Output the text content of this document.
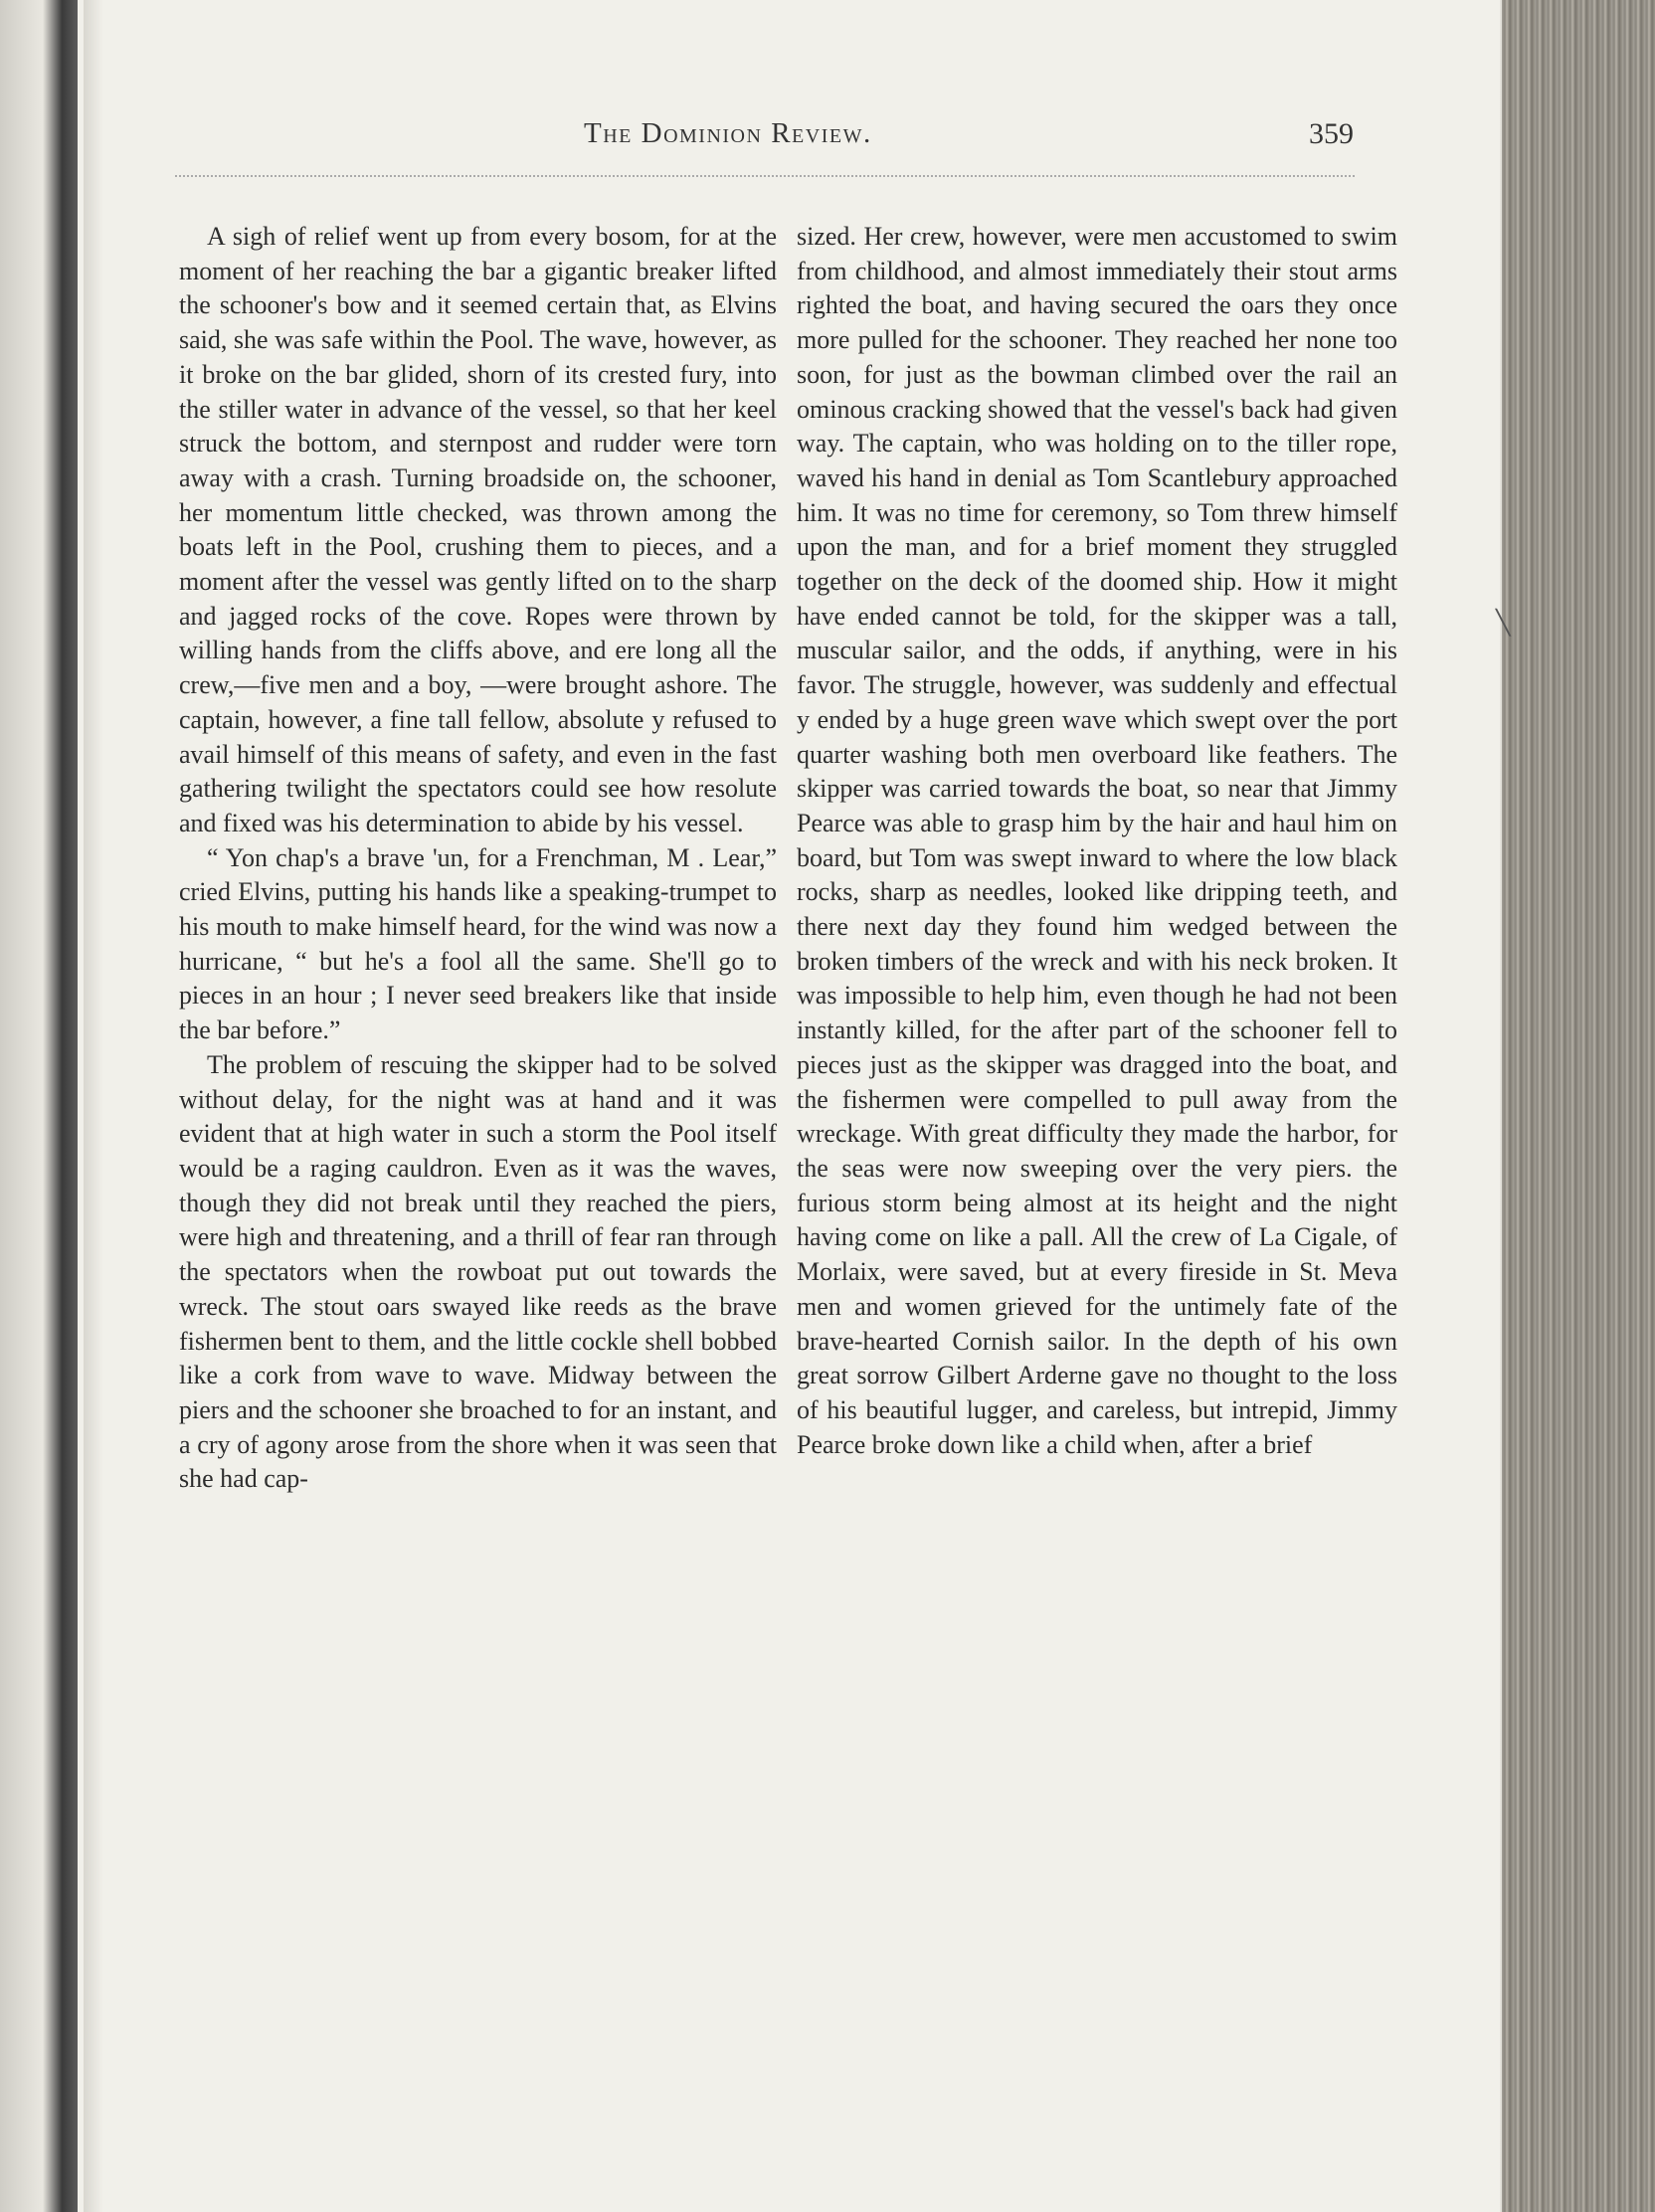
The Dominion Review.	359

A sigh of relief went up from every bosom, for at the moment of her reaching the bar a gigantic breaker lifted the schooner's bow and it seemed certain that, as Elvins said, she was safe within the Pool. The wave, however, as it broke on the bar glided, shorn of its crested fury, into the stiller water in advance of the vessel, so that her keel struck the bottom, and sternpost and rudder were torn away with a crash. Turning broadside on, the schooner, her momentum little checked, was thrown among the boats left in the Pool, crushing them to pieces, and a moment after the vessel was gently lifted on to the sharp and jagged rocks of the cove. Ropes were thrown by willing hands from the cliffs above, and ere long all the crew,—five men and a boy, —were brought ashore. The captain, however, a fine tall fellow, absolute y refused to avail himself of this means of safety, and even in the fast gathering twilight the spectators could see how resolute and fixed was his determination to abide by his vessel.

“ Yon chap's a brave 'un, for a Frenchman, M . Lear,” cried Elvins, putting his hands like a speaking-trumpet to his mouth to make himself heard, for the wind was now a hurricane, “ but he's a fool all the same. She'll go to pieces in an hour ; I never seed breakers like that inside the bar before.”

The problem of rescuing the skipper had to be solved without delay, for the night was at hand and it was evident that at high water in such a storm the Pool itself would be a raging cauldron. Even as it was the waves, though they did not break until they reached the piers, were high and threatening, and a thrill of fear ran through the spectators when the rowboat put out towards the wreck. The stout oars swayed like reeds as the brave fishermen bent to them, and the little cockle shell bobbed like a cork from wave to wave. Midway between the piers and the schooner she broached to for an instant, and a cry of agony arose from the shore when it was seen that she had cap-

sized. Her crew, however, were men accustomed to swim from childhood, and almost immediately their stout arms righted the boat, and having secured the oars they once more pulled for the schooner. They reached her none too soon, for just as the bowman climbed over the rail an ominous cracking showed that the vessel's back had given way. The captain, who was holding on to the tiller rope, waved his hand in denial as Tom Scantlebury approached him. It was no time for ceremony, so Tom threw himself upon the man, and for a brief moment they struggled together on the deck of the doomed ship. How it might have ended cannot be told, for the skipper was a tall, muscular sailor, and the odds, if anything, were in his favor. The struggle, however, was suddenly and effectual y ended by a huge green wave which swept over the port quarter washing both men overboard like feathers. The skipper was carried towards the boat, so near that Jimmy Pearce was able to grasp him by the hair and haul him on board, but Tom was swept inward to where the low black rocks, sharp as needles, looked like dripping teeth, and there next day they found him wedged between the broken timbers of the wreck and with his neck broken. It was impossible to help him, even though he had not been instantly killed, for the after part of the schooner fell to pieces just as the skipper was dragged into the boat, and the fishermen were compelled to pull away from the wreckage. With great difficulty they made the harbor, for the seas were now sweeping over the very piers. the furious storm being almost at its height and the night having come on like a pall. All the crew of La Cigale, of Morlaix, were saved, but at every fireside in St. Meva men and women grieved for the untimely fate of the brave-hearted Cornish sailor. In the depth of his own great sorrow Gilbert Arderne gave no thought to the loss of his beautiful lugger, and careless, but intrepid, Jimmy Pearce broke down like a child when, after a brief

╲
